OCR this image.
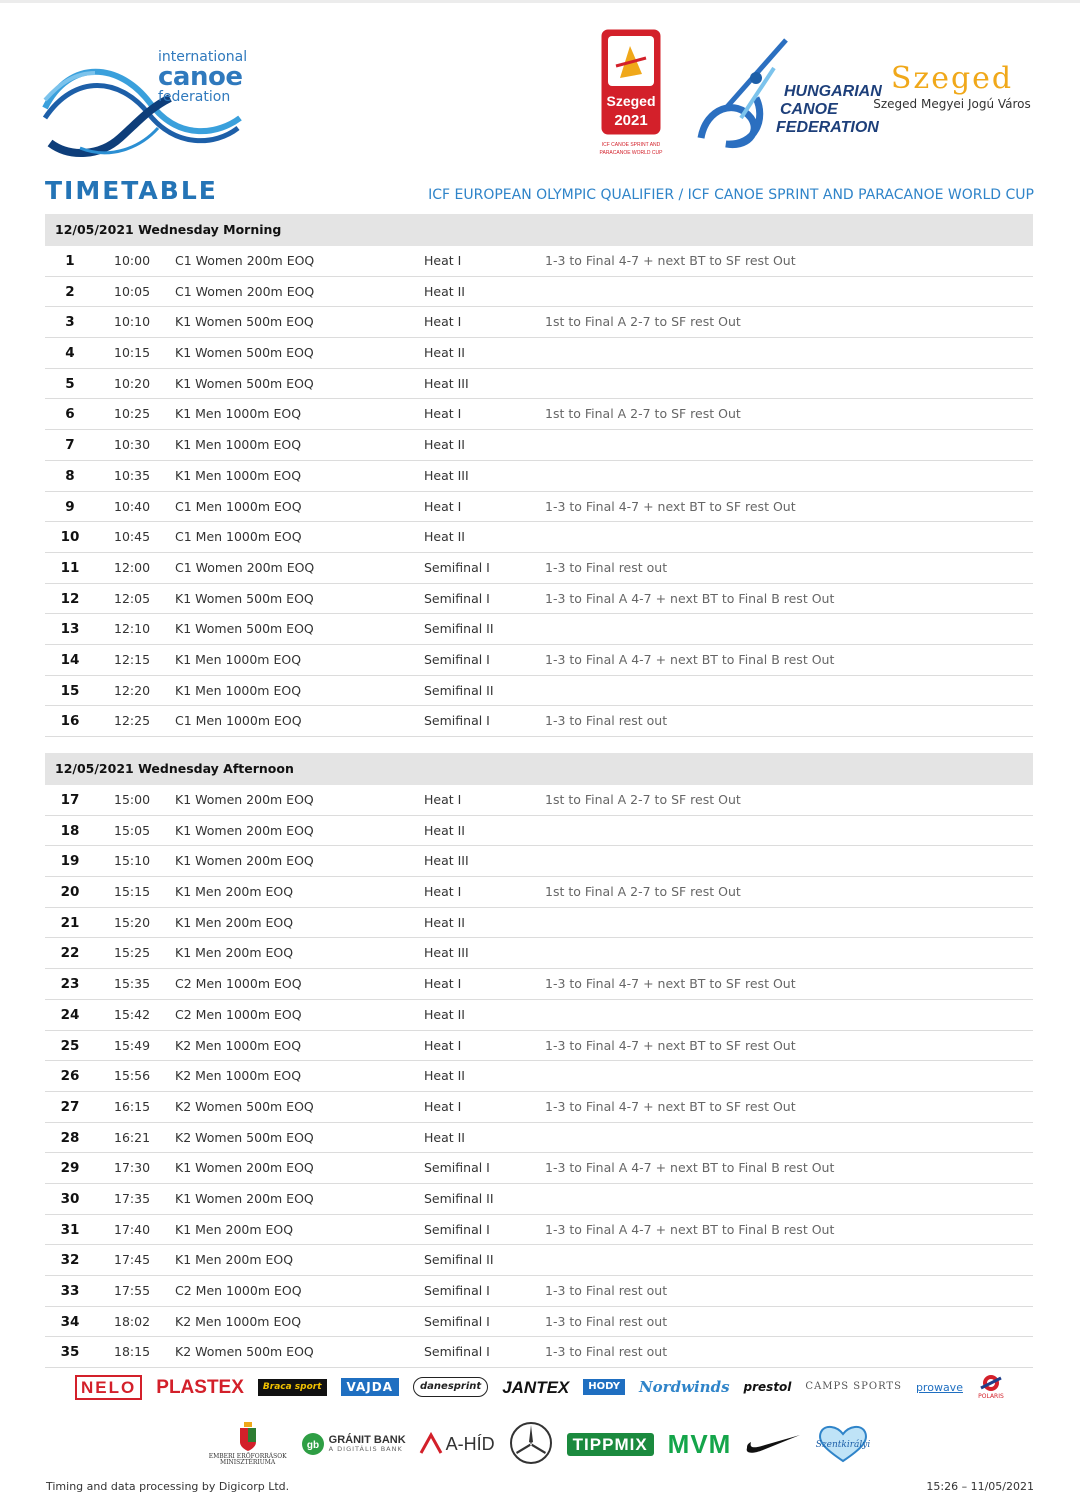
international
canoe
federation	Szeged
2021
ICF CANOE SPRINT AND
PARACANOE WORLD CUP
HUNGARIAN
CANOE
FEDERATION
Szeged
Szeged Megyei Jogú Város
TIMETABLE	ICF EUROPEAN OLYMPIC QUALIFIER / ICF CANOE SPRINT AND PARACANOE WORLD CUP
12/05/2021 Wednesday Morning
1	10:00 C1 Women 200m EOQ	Heat I	1-3 to Final 4-7 + next BT to SF rest Out
2	10:05 C1 Women 200m EOQ	Heat II
3	10:10 K1 Women 500m EOQ	Heat I	1st to Final A 2-7 to SF rest Out
4	10:15 K1 Women 500m EOQ	Heat II
5	10:20 K1 Women 500m EOQ	Heat III
6	10:25 K1 Men 1000m EOQ	Heat I	1st to Final A 2-7 to SF rest Out
7	10:30 K1 Men 1000m EOQ	Heat II
8	10:35 K1 Men 1000m EOQ	Heat III
9	10:40 C1 Men 1000m EOQ	Heat I	1-3 to Final 4-7 + next BT to SF rest Out
10	10:45 C1 Men 1000m EOQ	Heat II
11	12:00 C1 Women 200m EOQ	Semifinal I	1-3 to Final rest out
12	12:05 K1 Women 500m EOQ	Semifinal I	1-3 to Final A 4-7 + next BT to Final B rest Out
13	12:10 K1 Women 500m EOQ	Semifinal II
14	12:15 K1 Men 1000m EOQ	Semifinal I	1-3 to Final A 4-7 + next BT to Final B rest Out
15	12:20 K1 Men 1000m EOQ	Semifinal II
16	12:25 C1 Men 1000m EOQ	Semifinal I	1-3 to Final rest out
12/05/2021 Wednesday Afternoon
17	15:00 K1 Women 200m EOQ	Heat I	1st to Final A 2-7 to SF rest Out
18	15:05 K1 Women 200m EOQ	Heat II
19	15:10 K1 Women 200m EOQ	Heat III
20	15:15 K1 Men 200m EOQ	Heat I	1st to Final A 2-7 to SF rest Out
21	15:20 K1 Men 200m EOQ	Heat II
22	15:25 K1 Men 200m EOQ	Heat III
23	15:35 C2 Men 1000m EOQ	Heat I	1-3 to Final 4-7 + next BT to SF rest Out
24	15:42 C2 Men 1000m EOQ	Heat II
25	15:49 K2 Men 1000m EOQ	Heat I	1-3 to Final 4-7 + next BT to SF rest Out
26	15:56 K2 Men 1000m EOQ	Heat II
27	16:15 K2 Women 500m EOQ	Heat I	1-3 to Final 4-7 + next BT to SF rest Out
28	16:21 K2 Women 500m EOQ	Heat II
29	17:30 K1 Women 200m EOQ	Semifinal I	1-3 to Final A 4-7 + next BT to Final B rest Out
30	17:35 K1 Women 200m EOQ	Semifinal II
31	17:40 K1 Men 200m EOQ	Semifinal I	1-3 to Final A 4-7 + next BT to Final B rest Out
32	17:45 K1 Men 200m EOQ	Semifinal II
33	17:55 C2 Men 1000m EOQ	Semifinal I	1-3 to Final rest out
34	18:02 K2 Men 1000m EOQ	Semifinal I	1-3 to Final rest out
35	18:15 K2 Women 500m EOQ	Semifinal I	1-3 to Final rest out
NELO	PLASTEX	Braca sport	VAJDA	danesprint	JANTEX	HODY	Nordwinds prestol CAMPS SPORTS prowave

POLARIS

EMBERI ERŐFORRÁSOK MINISZTÉRIUMA
gb GRÁNIT BANK
A DIGITÁLIS BANK A-HÍD	TIPPMIX MVM	Szentkirályi
Timing and data processing by Digicorp Ltd.	15:26 – 11/05/2021
